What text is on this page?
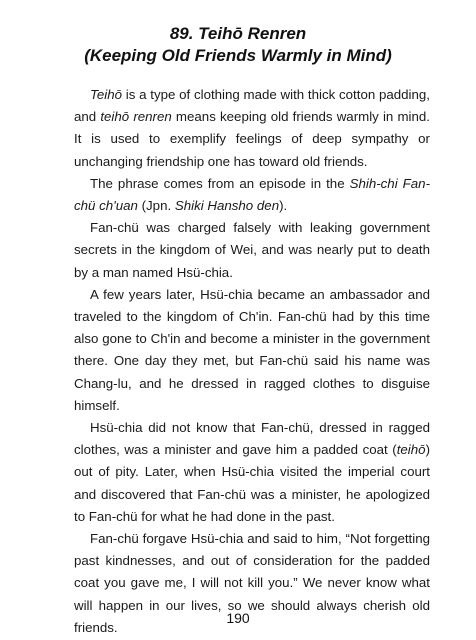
89. Teihō Renren
(Keeping Old Friends Warmly in Mind)

Teihō is a type of clothing made with thick cotton padding, and teihō renren means keeping old friends warmly in mind. It is used to exemplify feelings of deep sympathy or unchanging friendship one has toward old friends.

The phrase comes from an episode in the Shih-chi Fan-chü ch'uan (Jpn. Shiki Hansho den).

Fan-chü was charged falsely with leaking government secrets in the kingdom of Wei, and was nearly put to death by a man named Hsü-chia.

A few years later, Hsü-chia became an ambassador and traveled to the kingdom of Ch'in. Fan-chü had by this time also gone to Ch'in and become a minister in the government there. One day they met, but Fan-chü said his name was Chang-lu, and he dressed in ragged clothes to disguise himself.

Hsü-chia did not know that Fan-chü, dressed in ragged clothes, was a minister and gave him a padded coat (teihō) out of pity. Later, when Hsü-chia visited the imperial court and discovered that Fan-chü was a minister, he apologized to Fan-chü for what he had done in the past.

Fan-chü forgave Hsü-chia and said to him, “Not forgetting past kindnesses, and out of consideration for the padded coat you gave me, I will not kill you.” We never know what will happen in our lives, so we should always cherish old friends.

190
